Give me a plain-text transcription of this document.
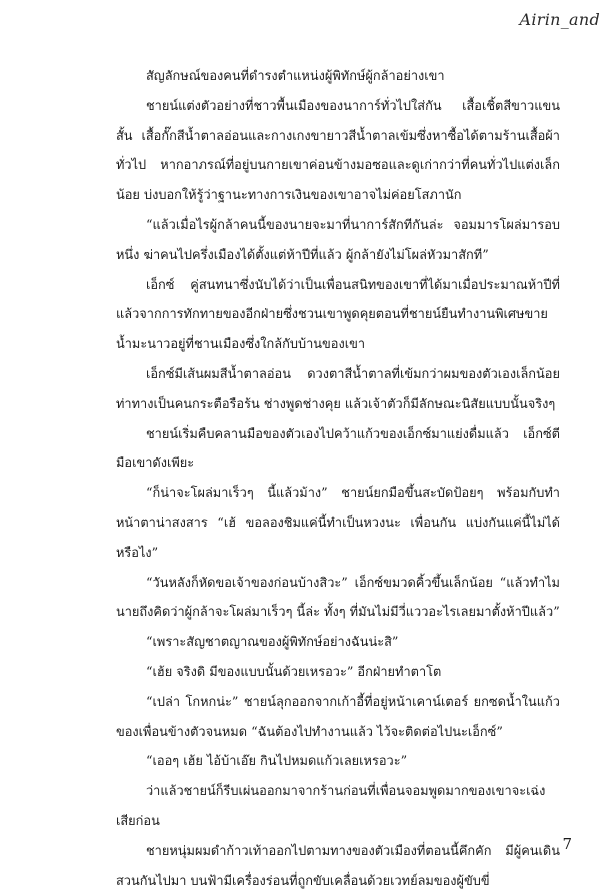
Airin_and

สัญลักษณ์ของคนที่ดำรงตำแหน่งผู้พิทักษ์ผู้กล้าอย่างเขา

ชายน์แต่งตัวอย่างที่ชาวพื้นเมืองของนาการ์ทั่วไปใส่กัน เสื้อเชิ้ตสีขาวแขนสั้น เสื้อกั๊กสีน้ำตาลอ่อนและกางเกงขายาวสีน้ำตาลเข้มซึ่งหาซื้อได้ตามร้านเสื้อผ้าทั่วไป หากอาภรณ์ที่อยู่บนกายเขาค่อนข้างมอซอและดูเก่ากว่าที่คนทั่วไปแต่งเล็กน้อย บ่งบอกให้รู้ว่าฐานะทางการเงินของเขาอาจไม่ค่อยโสภานัก

“แล้วเมื่อไรผู้กล้าคนนี้ของนายจะมาที่นาการ์สักทีกันล่ะ จอมมารโผล่มารอบหนึ่ง ฆ่าคนไปครึ่งเมืองได้ตั้งแต่ห้าปีที่แล้ว ผู้กล้ายังไม่โผล่หัวมาสักที”

เอ็กซ์ คู่สนทนาซึ่งนับได้ว่าเป็นเพื่อนสนิทของเขาที่ได้มาเมื่อประมาณห้าปีที่แล้วจากการทักทายของอีกฝ่ายซึ่งชวนเขาพูดคุยตอนที่ชายน์ยืนทำงานพิเศษขายน้ำมะนาวอยู่ที่ชานเมืองซึ่งใกล้กับบ้านของเขา

เอ็กซ์มีเส้นผมสีน้ำตาลอ่อน ดวงตาสีน้ำตาลที่เข้มกว่าผมของตัวเองเล็กน้อย ท่าทางเป็นคนกระตือรือร้น ช่างพูดช่างคุย แล้วเจ้าตัวก็มีลักษณะนิสัยแบบนั้นจริงๆ

ชายน์เริ่มคืบคลานมือของตัวเองไปคว้าแก้วของเอ็กซ์มาแย่งดื่มแล้ว เอ็กซ์ตีมือเขาดังเพียะ

“ก็น่าจะโผล่มาเร็วๆ นี้แล้วม้าง” ชายน์ยกมือขึ้นสะบัดป้อยๆ พร้อมกับทำหน้าตาน่าสงสาร “เฮ้ ขอลองชิมแค่นี้ทำเป็นหวงนะ เพื่อนกัน แบ่งกันแค่นี้ไม่ได้หรือไง”

“วันหลังก็หัดขอเจ้าของก่อนบ้างสิวะ” เอ็กซ์ขมวดคิ้วขึ้นเล็กน้อย “แล้วทำไมนายถึงคิดว่าผู้กล้าจะโผล่มาเร็วๆ นี้ล่ะ ทั้งๆ ที่มันไม่มีวี่แววอะไรเลยมาตั้งห้าปีแล้ว”

“เพราะสัญชาตญาณของผู้พิทักษ์อย่างฉันน่ะสิ”

“เฮ้ย จริงดิ มีของแบบนั้นด้วยเหรอวะ” อีกฝ่ายทำตาโต

“เปล่า โกหกน่ะ” ชายน์ลุกออกจากเก้าอี้ที่อยู่หน้าเคาน์เตอร์ ยกซดน้ำในแก้วของเพื่อนข้างตัวจนหมด “ฉันต้องไปทำงานแล้ว ไว้จะติดต่อไปนะเอ็กซ์”

“เออๆ เฮ้ย ไอ้บ้าเอ๊ย กินไปหมดแก้วเลยเหรอวะ”

ว่าแล้วชายน์ก็รีบเผ่นออกมาจากร้านก่อนที่เพื่อนจอมพูดมากของเขาจะเฉ่งเสียก่อน

ชายหนุ่มผมดำก้าวเท้าออกไปตามทางของตัวเมืองที่ตอนนี้คึกคัก มีผู้คนเดินสวนกันไปมา บนฟ้ามีเครื่องร่อนที่ถูกขับเคลื่อนด้วยเวทย์ลมของผู้ขับขี่

7
